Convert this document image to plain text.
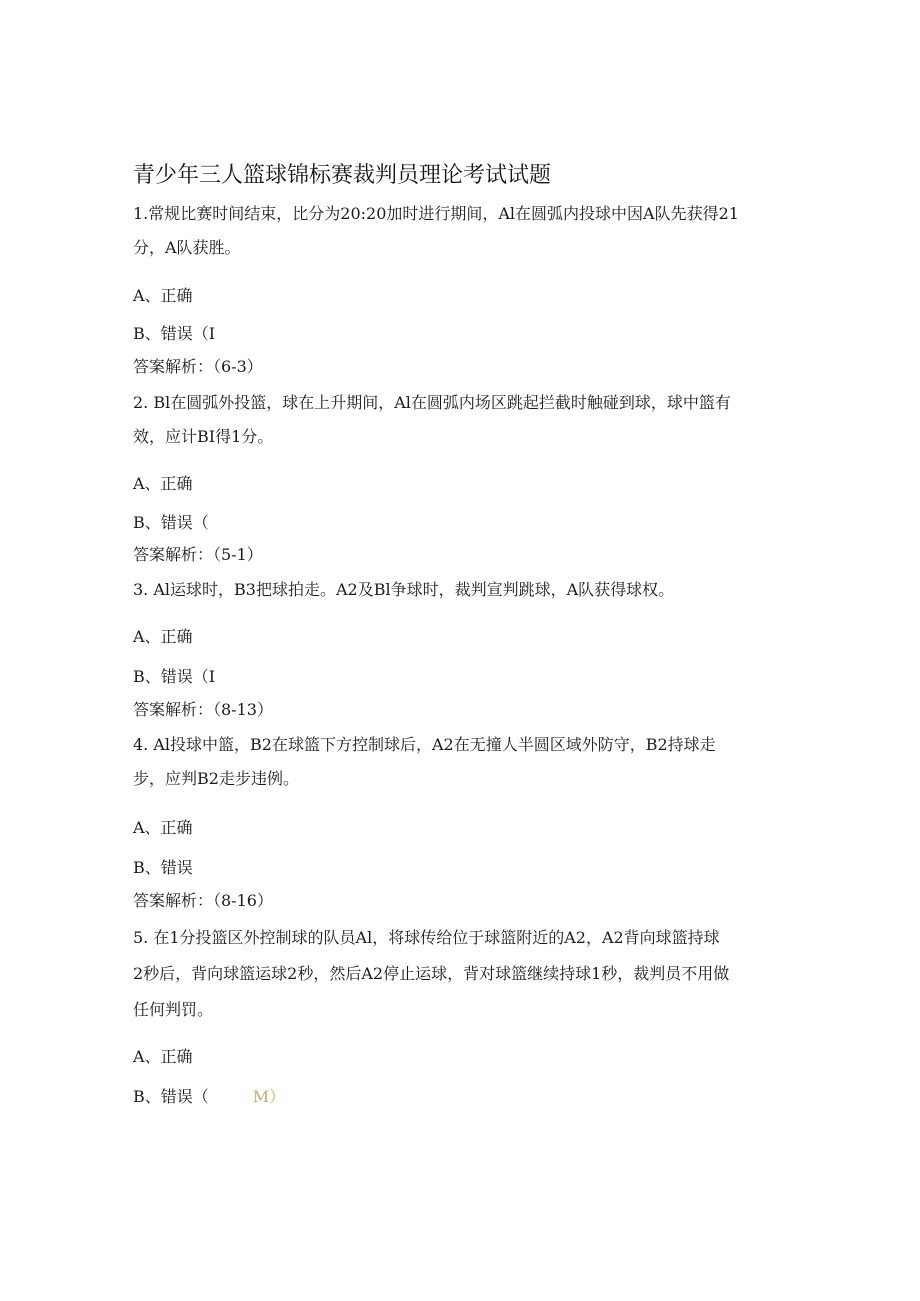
青少年三人篮球锦标赛裁判员理论考试试题
1.常规比赛时间结束，比分为20:20加时进行期间，Al在圆弧内投球中因A队先获得21
分，A队获胜。
A、正确
B、错误（I
答案解析：（6-3）
2. Bl在圆弧外投篮，球在上升期间，Al在圆弧内场区跳起拦截时触碰到球，球中篮有
效，应计BI得1分。
A、正确
B、错误（
答案解析：（5-1）
3. Al运球时，B3把球拍走。A2及Bl争球时，裁判宣判跳球，A队获得球权。
A、正确
B、错误（I
答案解析：（8-13）
4. Al投球中篮，B2在球篮下方控制球后，A2在无撞人半圆区域外防守，B2持球走
步，应判B2走步违例。
A、正确
B、错误
答案解析：（8-16）
5. 在1分投篮区外控制球的队员Al，将球传给位于球篮附近的A2，A2背向球篮持球
2秒后，背向球篮运球2秒，然后A2停止运球，背对球篮继续持球1秒，裁判员不用做
任何判罚。
A、正确
B、错误（	M）
